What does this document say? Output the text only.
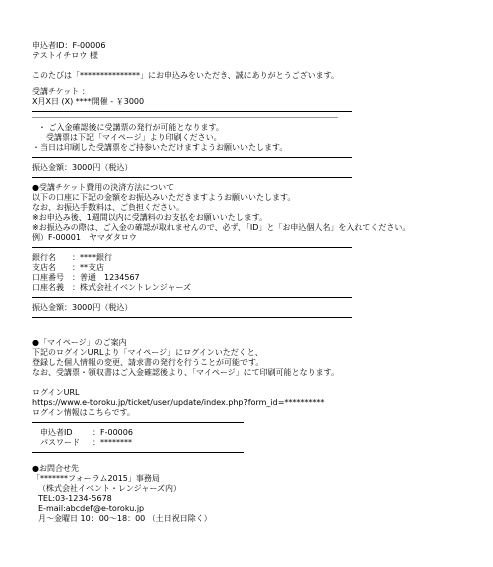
申込者ID：F-00006
テストイチロウ 様
このたびは「***************」にお申込みをいただき、誠にありがとうございます。
受講チケット ：
X月X日 (X) ****開催 - ￥3000
・ ご入金確認後に受講票の発行が可能となります。
受講票は下記「マイページ」より印刷ください。
・当日は印刷した受講票をご持参いただけますようお願いいたします。
振込金額：3000円（税込）
●受講チケット費用の決済方法について
以下の口座に下記の金額をお振込みいただきますようお願いいたします。
なお、お振込手数料は、ご負担ください。
※お申込み後、1週間以内に受講料のお支払をお願いいたします。
※お振込みの際は、ご入金の確認が取れませんので、必ず、「ID」と「お申込個人名」を入れてください。
例）F-00001　ヤマダタロウ
銀行名	：****銀行
支店名	：**支店
口座番号	：普通　1234567
口座名義	：株式会社イベントレンジャーズ
振込金額：3000円（税込）
●「マイページ」のご案内
下記のログインURLより「マイページ」にログインいただくと、
登録した個人情報の変更、請求書の発行を行うことが可能です。
なお、受講票・領収書はご入金確認後より、「マイページ」にて印刷可能となります。
ログインURL
https://www.e-toroku.jp/ticket/user/update/index.php?form_id=**********
ログイン情報はこちらです。
申込者ID	：F-00006
パスワード	：********
●お問合せ先
「*******フォーラム2015」事務局
（株式会社イベント・レンジャーズ内）
TEL:03-1234-5678
E-mail:abcdef@e-toroku.jp
月～金曜日 10：00～18：00 （土日祝日除く）
